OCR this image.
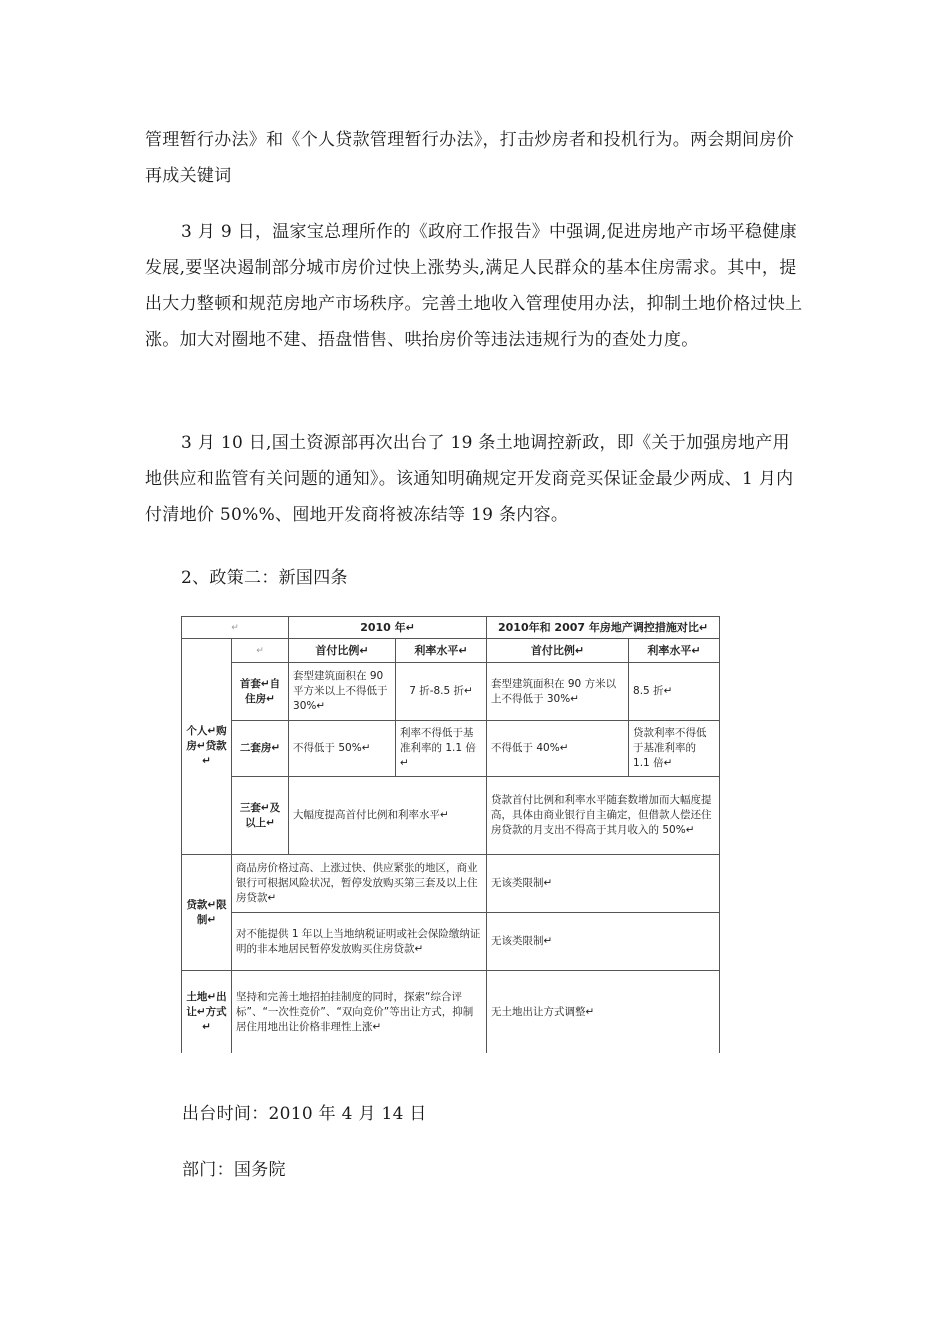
管理暂行办法》和《个人贷款管理暂行办法》，打击炒房者和投机行为。两会期间房价再成关键词

3 月 9 日，温家宝总理所作的《政府工作报告》中强调,促进房地产市场平稳健康发展,要坚决遏制部分城市房价过快上涨势头,满足人民群众的基本住房需求。其中，提出大力整顿和规范房地产市场秩序。完善土地收入管理使用办法，抑制土地价格过快上涨。加大对圈地不建、捂盘惜售、哄抬房价等违法违规行为的查处力度。

3 月 10 日,国土资源部再次出台了 19 条土地调控新政，即《关于加强房地产用地供应和监管有关问题的通知》。该通知明确规定开发商竞买保证金最少两成、1 月内付清地价 50%%、囤地开发商将被冻结等 19 条内容。

2、政策二：新国四条

↵		2010 年↵		2010年和 2007 年房地产调控措施对比↵	
个人↵购房↵贷款↵	↵	首付比例↵	利率水平↵	首付比例↵	利率水平↵
	首套↵自住房↵	套型建筑面积在 90 平方米以上不得低于 30%↵	7 折-8.5 折↵	套型建筑面积在 90 方米以上不得低于 30%↵	8.5 折↵
	二套房↵	不得低于 50%↵	利率不得低于基准利率的 1.1 倍↵	不得低于 40%↵	贷款利率不得低于基准利率的 1.1 倍↵
	三套↵及以上↵	大幅度提高首付比例和利率水平↵		贷款首付比例和利率水平随套数增加而大幅度提高，具体由商业银行自主确定，但借款人偿还住房贷款的月支出不得高于其月收入的 50%↵	
贷款↵限制↵	商品房价格过高、上涨过快、供应紧张的地区，商业银行可根据风险状况，暂停发放购买第三套及以上住房贷款↵			无该类限制↵	
	对不能提供 1 年以上当地纳税证明或社会保险缴纳证明的非本地居民暂停发放购买住房贷款↵			无该类限制↵	
土地↵出让↵方式↵	坚持和完善土地招拍挂制度的同时，探索“综合评标”、“一次性竞价”、“双向竞价”等出让方式，抑制居住用地出让价格非理性上涨↵			无土地出让方式调整↵	

出台时间：2010 年 4 月 14 日

部门：国务院
